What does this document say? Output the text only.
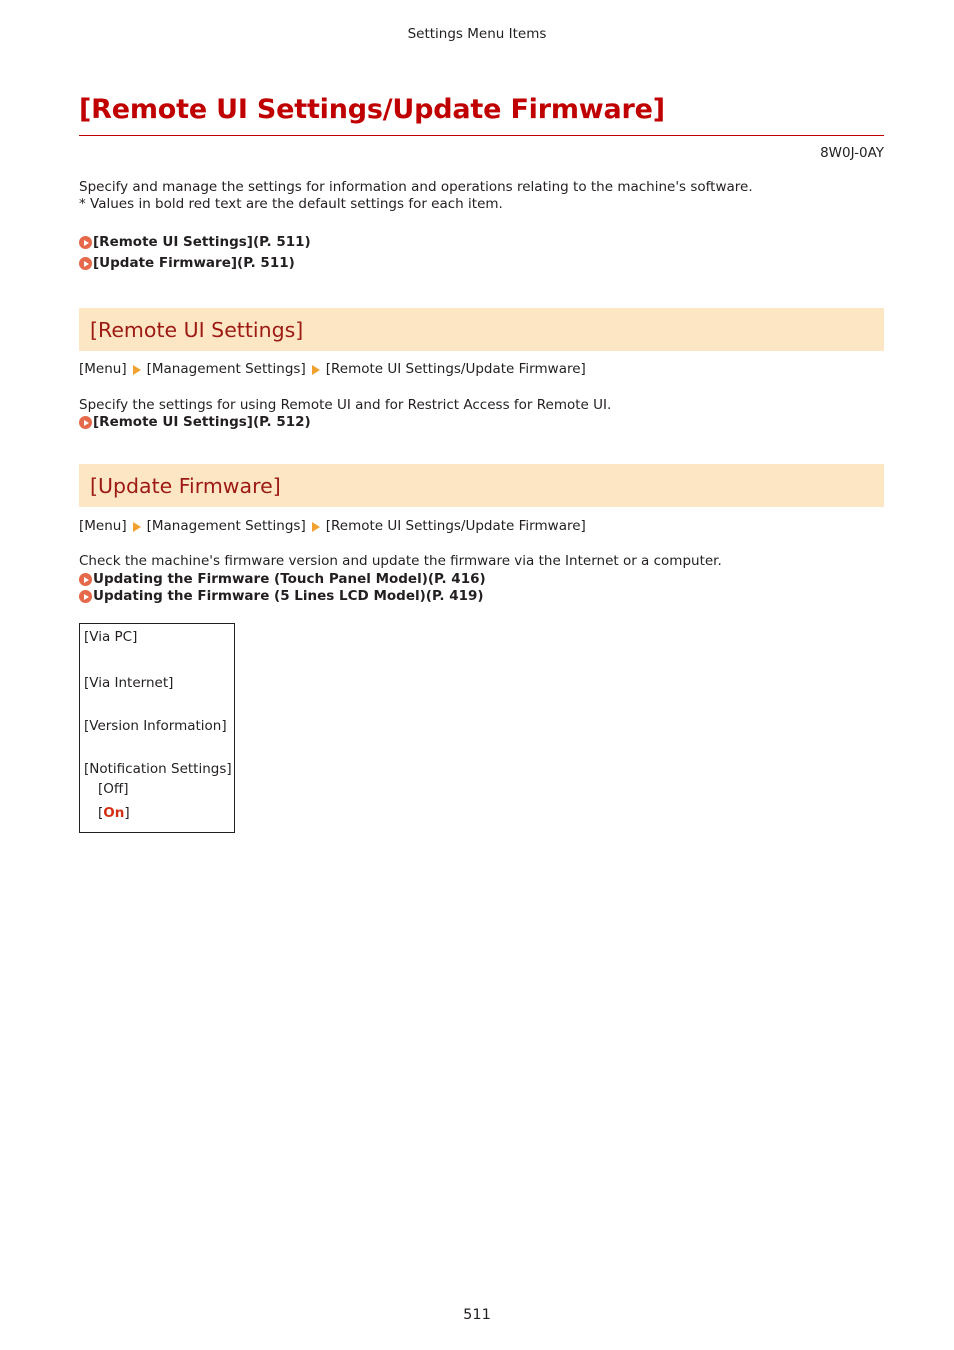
Settings Menu Items
[Remote UI Settings/Update Firmware]
8W0J-0AY
Specify and manage the settings for information and operations relating to the machine's software.
* Values in bold red text are the default settings for each item.
[Remote UI Settings](P. 511)
[Update Firmware](P. 511)
[Remote UI Settings]
[Menu] [Management Settings] [Remote UI Settings/Update Firmware]
Specify the settings for using Remote UI and for Restrict Access for Remote UI.
[Remote UI Settings](P. 512)
[Update Firmware]
[Menu] [Management Settings] [Remote UI Settings/Update Firmware]
Check the machine's firmware version and update the firmware via the Internet or a computer.
Updating the Firmware (Touch Panel Model)(P. 416)
Updating the Firmware (5 Lines LCD Model)(P. 419)
[Via PC]
[Via Internet]
[Version Information]
[Notification Settings]
[Off]
[On]
511
